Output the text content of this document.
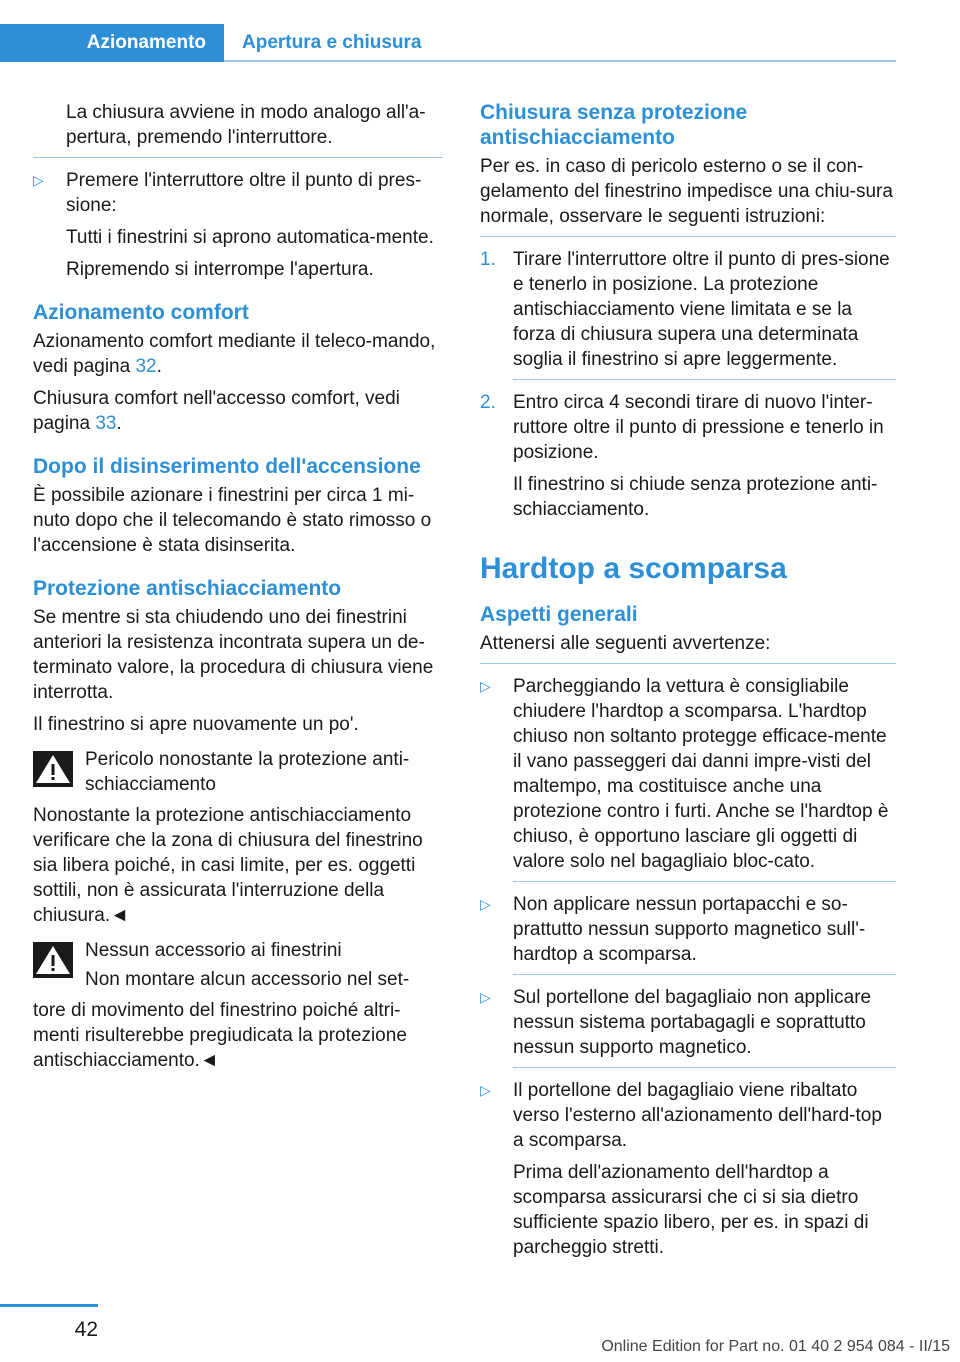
Azionamento Apertura e chiusura

La chiusura avviene in modo analogo all'a-pertura, premendo l'interruttore.

▷ Premere l'interruttore oltre il punto di pres-sione:

Tutti i finestrini si aprono automatica-mente.

Ripremendo si interrompe l'apertura.

Azionamento comfort

Azionamento comfort mediante il teleco-mando, vedi pagina 32.

Chiusura comfort nell'accesso comfort, vedi pagina 33.

Dopo il disinserimento dell'accensione

È possibile azionare i finestrini per circa 1 mi-nuto dopo che il telecomando è stato rimosso o l'accensione è stata disinserita.

Protezione antischiacciamento

Se mentre si sta chiudendo uno dei finestrini anteriori la resistenza incontrata supera un de-terminato valore, la procedura di chiusura viene interrotta.

Il finestrino si apre nuovamente un po'.

Pericolo nonostante la protezione anti-schiacciamento

Nonostante la protezione antischiacciamento verificare che la zona di chiusura del finestrino sia libera poiché, in casi limite, per es. oggetti sottili, non è assicurata l'interruzione della chiusura.◄

Nessun accessorio ai finestrini

Non montare alcun accessorio nel set-

tore di movimento del finestrino poiché altri-menti risulterebbe pregiudicata la protezione antischiacciamento.◄

Chiusura senza protezione antischiacciamento

Per es. in caso di pericolo esterno o se il con-gelamento del finestrino impedisce una chiu-sura normale, osservare le seguenti istruzioni:

1. Tirare l'interruttore oltre il punto di pres-sione e tenerlo in posizione. La protezione antischiacciamento viene limitata e se la forza di chiusura supera una determinata soglia il finestrino si apre leggermente.

2. Entro circa 4 secondi tirare di nuovo l'inter-ruttore oltre il punto di pressione e tenerlo in posizione.

Il finestrino si chiude senza protezione anti-schiacciamento.

Hardtop a scomparsa
Aspetti generali

Attenersi alle seguenti avvertenze:

▷ Parcheggiando la vettura è consigliabile chiudere l'hardtop a scomparsa. L'hardtop chiuso non soltanto protegge efficace-mente il vano passeggeri dai danni impre-visti del maltempo, ma costituisce anche una protezione contro i furti. Anche se l'hardtop è chiuso, è opportuno lasciare gli oggetti di valore solo nel bagagliaio bloc-cato.

▷ Non applicare nessun portapacchi e so-prattutto nessun supporto magnetico sull'-hardtop a scomparsa.

▷ Sul portellone del bagagliaio non applicare nessun sistema portabagagli e soprattutto nessun supporto magnetico.

▷ Il portellone del bagagliaio viene ribaltato verso l'esterno all'azionamento dell'hard-top a scomparsa.

Prima dell'azionamento dell'hardtop a scomparsa assicurarsi che ci si sia dietro sufficiente spazio libero, per es. in spazi di parcheggio stretti.

42
Online Edition for Part no. 01 40 2 954 084 - II/15
